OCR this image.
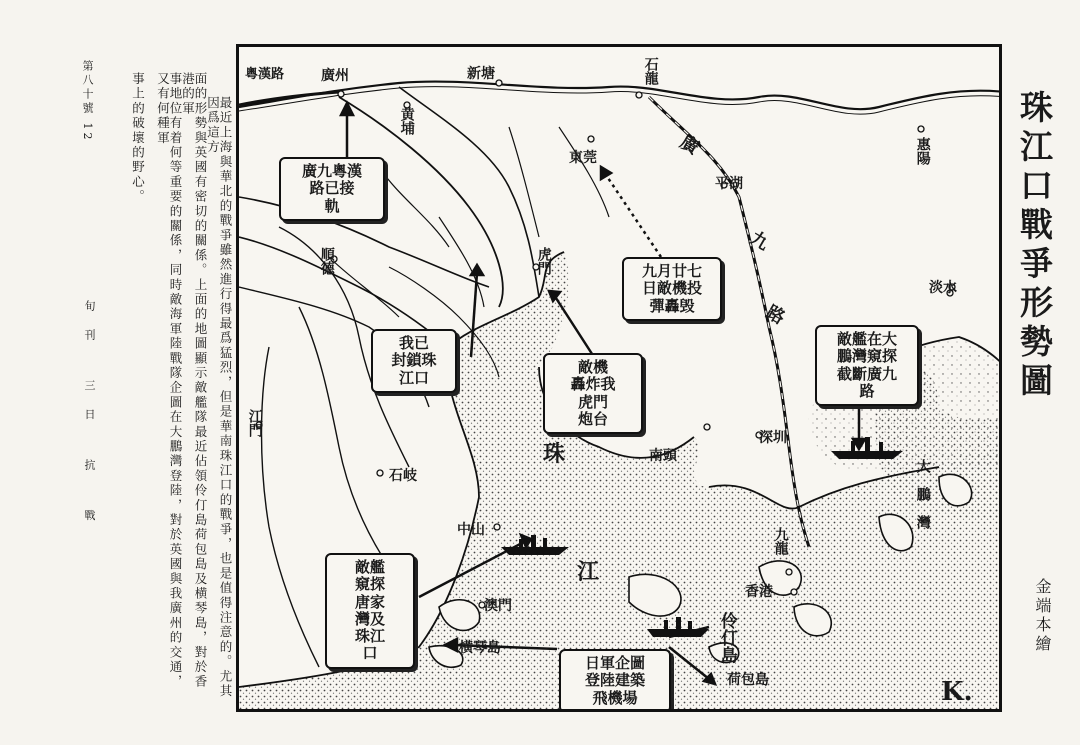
第八十號 12
旬刊 三日 抗 戰	最近上海與華北的戰爭雖然進行得最爲猛烈，但是華南珠江口的戰爭，也是值得注意的。尤其因爲這方
面的形勢與英國有密切的關係。上面的地圖顯示敵艦隊最近佔領伶仃島荷包島及横琴島，對於香港的軍
事地位有着何等重要的關係，同時敵海軍陸戰隊企圖在大鵬灣登陸，對於英國與我廣州的交通，又有何種軍
事上的破壞的野心。	珠江口戰爭形勢圖
金端本繪
粵漢路	廣州	新塘	石龍
黄埔
東莞	惠陽
平湖
順德	虎門
淡水
江門
石岐
南頭
深圳
中山	九龍
香港
澳門
横琴島	伶仃島
荷包島
大鵬灣
廣
九
路
珠
江
廣九粵漢
路已接
軌
九月廿七
日敵機投
彈轟毁
我已
封鎖珠
江口
敵機
轟炸我
虎門
炮台
敵艦在大
鵬灣窺探
截斷廣九
路
敵艦
窺探
唐家
灣及
珠江
口
日軍企圖
登陸建築
飛機場	K.
